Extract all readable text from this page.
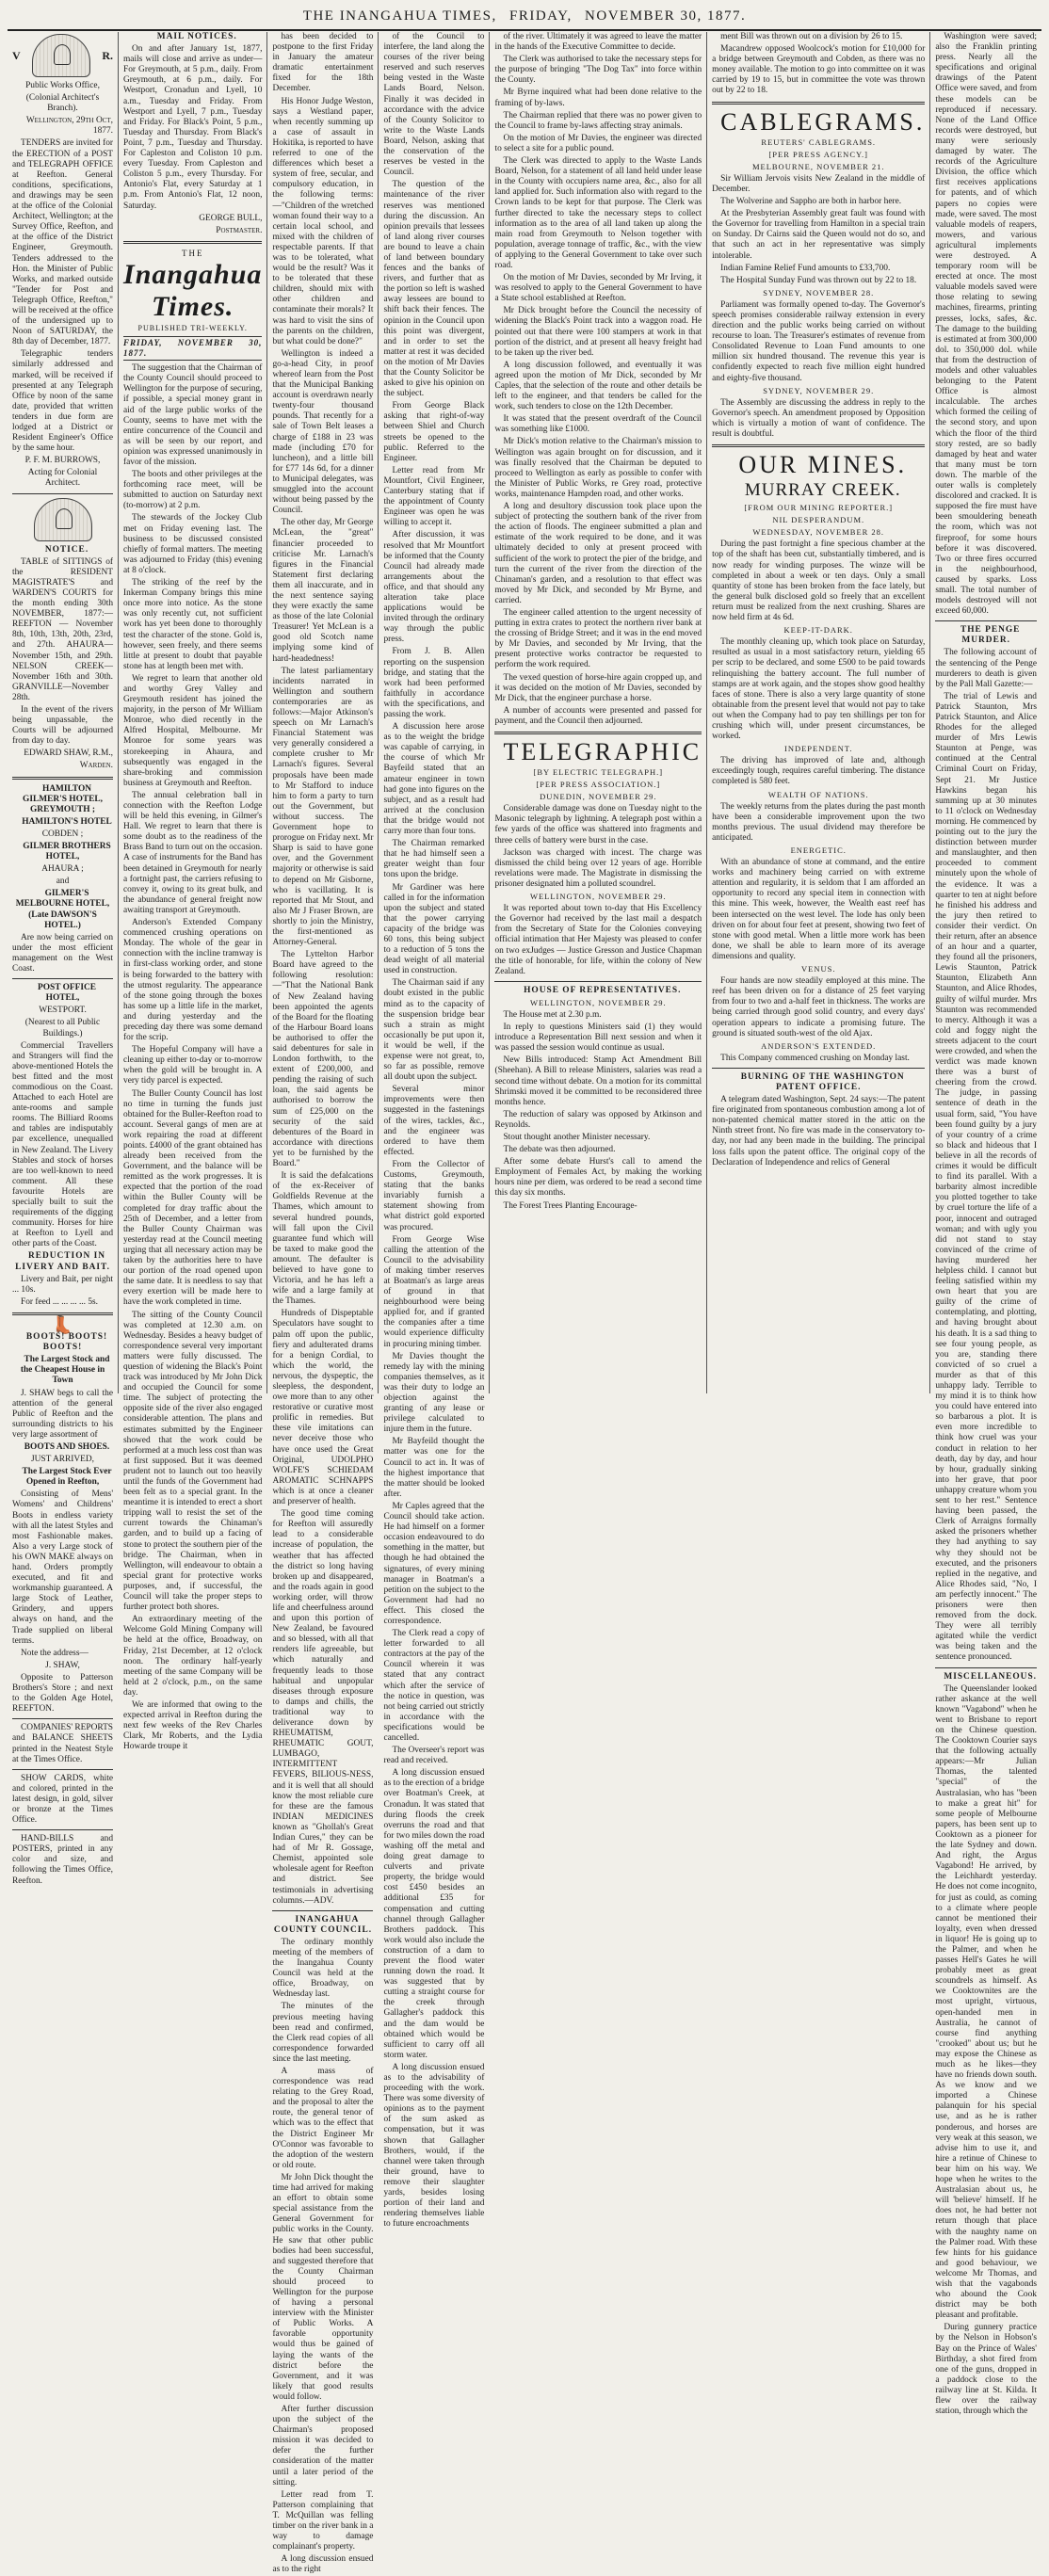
THE INANGAHUA TIMES, FRIDAY, NOVEMBER 30, 1877.
V	R.

Public Works Office,

(Colonial Architect's Branch).

Wellington, 29th Oct, 1877.

TENDERS are invited for the ERECTION of a POST and TELEGRAPH OFFICE at Reefton. General conditions, specifications, and drawings may be seen at the office of the Colonial Architect, Wellington; at the Survey Office, Reefton, and at the office of the District Engineer, Greymouth. Tenders addressed to the Hon. the Minister of Public Works, and marked outside "Tender for Post and Telegraph Office, Reefton," will be received at the office of the undersigned up to Noon of SATURDAY, the 8th day of December, 1877.

Telegraphic tenders similarly addressed and marked, will be received if presented at any Telegraph Office by noon of the same date, provided that written tenders in due form are lodged at a District or Resident Engineer's Office by the same hour.

P. F. M. BURROWS,

Acting for Colonial Architect.

NOTICE.

TABLE of SITTINGS of the RESIDENT MAGISTRATE'S and WARDEN'S COURTS for the month ending 30th NOVEMBER, 1877:— REEFTON — November 8th, 10th, 13th, 20th, 23rd, and 27th. AHAURA—November 15th, and 29th. NELSON CREEK—November 16th and 30th. GRANVILLE—November 28th.

In the event of the rivers being unpassable, the Courts will be adjourned from day to day.

EDWARD SHAW, R.M.,

Warden.

HAMILTON GILMER'S HOTEL, GREYMOUTH ;

HAMILTON'S HOTEL

COBDEN ;

GILMER BROTHERS HOTEL,

AHAURA ;

and

GILMER'S MELBOURNE HOTEL, (Late DAWSON'S HOTEL.)

Are now being carried on under the most efficient management on the West Coast.

POST OFFICE HOTEL,

WESTPORT.

(Nearest to all Public Buildings.)

Commercial Travellers and Strangers will find the above-mentioned Hotels the best fitted and the most commodious on the Coast. Attached to each Hotel are ante-rooms and sample rooms. The Billiard Rooms and tables are indisputably par excellence, unequalled in New Zealand. The Livery Stables and stock of horses are too well-known to need comment. All these favourite Hotels are specially built to suit the requirements of the digging community. Horses for hire at Reefton to Lyell and other parts of the Coast.

REDUCTION IN LIVERY AND BAIT.

Livery and Bait, per night ... 10s.

For feed ... ... ... ... 5s.

👢

BOOTS! BOOTS! BOOTS!

The Largest Stock and the Cheapest House in Town

J. SHAW begs to call the attention of the general Public of Reefton and the surrounding districts to his very large assortment of

BOOTS AND SHOES.

JUST ARRIVED,

The Largest Stock Ever Opened in Reefton,

Consisting of Mens' Womens' and Childrens' Boots in endless variety with all the latest Styles and most Fashionable makes. Also a very Large stock of his OWN MAKE always on hand. Orders promptly executed, and fit and workmanship guaranteed. A large Stock of Leather, Grindery, and uppers always on hand, and the Trade supplied on liberal terms.

Note the address—

J. SHAW,

Opposite to Patterson Brothers's Store ; and next to the Golden Age Hotel, REEFTON.

COMPANIES' REPORTS and BALANCE SHEETS printed in the Neatest Style at the Times Office.

SHOW CARDS, white and colored, printed in the latest design, in gold, silver or bronze at the Times Office.

HAND-BILLS and POSTERS, printed in any color and size, and following the Times Office, Reefton.

MAIL NOTICES.

On and after January 1st, 1877, mails will close and arrive as under— For Greymouth, at 5 p.m., daily. From Greymouth, at 6 p.m., daily. For Westport, Cronadun and Lyell, 10 a.m., Tuesday and Friday. From Westport and Lyell, 7 p.m., Tuesday and Friday. For Black's Point, 5 p.m., Tuesday and Thursday. From Black's Point, 7 p.m., Tuesday and Thursday. For Capleston and Coliston 10 p.m. every Tuesday. From Capleston and Coliston 5 p.m., every Thursday. For Antonio's Flat, every Saturday at 1 p.m. From Antonio's Flat, 12 noon, Saturday.

GEORGE BULL,

Postmaster.

THE
Inangahua Times.
PUBLISHED TRI-WEEKLY.
FRIDAY, NOVEMBER 30, 1877.

The suggestion that the Chairman of the County Council should proceed to Wellington for the purpose of securing, if possible, a special money grant in aid of the large public works of the County, seems to have met with the entire concurrence of the Council and as will be seen by our report, and opinion was expressed unanimously in favor of the mission.

The boots and other privileges at the forthcoming race meet, will be submitted to auction on Saturday next (to-morrow) at 2 p.m.

The stewards of the Jockey Club met on Friday evening last. The business to be discussed consisted chiefly of formal matters. The meeting was adjourned to Friday (this) evening at 8 o'clock.

The striking of the reef by the Inkerman Company brings this mine once more into notice. As the stone was only recently cut, not sufficient work has yet been done to thoroughly test the character of the stone. Gold is, however, seen freely, and there seems little at present to doubt that payable stone has at length been met with.

We regret to learn that another old and worthy Grey Valley and Greymouth resident has joined the majority, in the person of Mr William Monroe, who died recently in the Alfred Hospital, Melbourne. Mr Monroe for some years was storekeeping in Ahaura, and subsequently was engaged in the share-broking and commission business at Greymouth and Reefton.

The annual celebration ball in connection with the Reefton Lodge will be held this evening, in Gilmer's Hall. We regret to learn that there is some doubt as to the readiness of the Brass Band to turn out on the occasion. A case of instruments for the Band has been detained in Greymouth for nearly a fortnight past, the carriers refusing to convey it, owing to its great bulk, and the abundance of general freight now awaiting transport at Greymouth.

Anderson's Extended Company commenced crushing operations on Monday. The whole of the gear in connection with the incline tramway is in first-class working order, and stone is being forwarded to the battery with the utmost regularity. The appearance of the stone going through the boxes has some up a little life in the market, and during yesterday and the preceding day there was some demand for the scrip.

The Hopeful Company will have a cleaning up either to-day or to-morrow when the gold will be brought in. A very tidy parcel is expected.

The Buller County Council has lost no time in turning the funds just obtained for the Buller-Reefton road to account. Several gangs of men are at work repairing the road at different points. £4000 of the grant obtained has already been received from the Government, and the balance will be remitted as the work progresses. It is expected that the portion of the road within the Buller County will be completed for dray traffic about the 25th of December, and a letter from the Buller County Chairman was yesterday read at the Council meeting urging that all necessary action may be taken by the authorities here to have our portion of the road opened upon the same date. It is needless to say that every exertion will be made here to have the work completed in time.

The sitting of the County Council was completed at 12.30 a.m. on Wednesday. Besides a heavy budget of correspondence several very important matters were fully discussed. The question of widening the Black's Point track was introduced by Mr John Dick and occupied the Council for some time. The subject of protecting the opposite side of the river also engaged considerable attention. The plans and estimates submitted by the Engineer showed that the work could be performed at a much less cost than was at first supposed. But it was deemed prudent not to launch out too heavily until the funds of the Government had been felt as to a special grant. In the meantime it is intended to erect a short tripping wall to resist the set of the current towards the Chinaman's garden, and to build up a facing of stone to protect the southern pier of the bridge. The Chairman, when in Wellington, will endeavour to obtain a special grant for protective works purposes, and, if successful, the Council will take the proper steps to further protect both shores.

An extraordinary meeting of the Welcome Gold Mining Company will be held at the office, Broadway, on Friday, 21st December, at 12 o'clock noon. The ordinary half-yearly meeting of the same Company will be held at 2 o'clock, p.m., on the same day.

We are informed that owing to the expected arrival in Reefton during the next few weeks of the Rev Charles Clark, Mr Roberts, and the Lydia Howarde troupe it

has been decided to postpone to the first Friday in January the amateur dramatic entertainment fixed for the 18th December.

His Honor Judge Weston, says a Westland paper, when recently summing up a case of assault in Hokitika, is reported to have referred to one of the differences which beset a system of free, secular, and compulsory education, in the following terms:—"Children of the wretched woman found their way to a certain local school, and mixed with the children of respectable parents. If that was to be tolerated, what would be the result? Was it to be tolerated that these children, should mix with other children and contaminate their morals? It was hard to visit the sins of the parents on the children, but what could be done?"

Wellington is indeed a go-a-head City, in proof whereof learn from the Post that the Municipal Banking account is overdrawn nearly twenty-four thousand pounds. That recently for a sale of Town Belt leases a charge of £188 in 23 was made (including £70 for luncheon), and a little bill for £77 14s 6d, for a dinner to Municipal delegates, was smuggled into the account without being passed by the Council.

The other day, Mr George McLean, the "great" financier proceeded to criticise Mr. Larnach's figures in the Financial Statement first declaring them all inaccurate, and in the next sentence saying they were exactly the same as those of the late Colonial Treasurer! Yet McLean is a good old Scotch name implying some kind of hard-headedness!

The latest parliamentary incidents narrated in Wellington and southern contemporaries are as follows:—Major Atkinson's speech on Mr Larnach's Financial Statement was very generally considered a complete crusher to Mr Larnach's figures. Several proposals have been made to Mr Stafford to induce him to form a party to turn out the Government, but without success. The Government hope to prorogue on Friday next. Mr Sharp is said to have gone over, and the Government majority or otherwise is said to depend on Mr Gisborne, who is vacillating. It is reported that Mr Stout, and also Mr J Fraser Brown, are shortly to join the Ministry, the first-mentioned as Attorney-General.

The Lyttelton Harbor Board have agreed to the following resolution:—"That the National Bank of New Zealand having been appointed the agents of the Board for the floating of the Harbour Board loans be authorised to offer the said debentures for sale in London forthwith, to the extent of £200,000, and pending the raising of such loan, the said agents be authorised to borrow the sum of £25,000 on the security of the said debentures of the Board in accordance with directions yet to be furnished by the Board."

It is said the defalcations of the ex-Receiver of Goldfields Revenue at the Thames, which amount to several hundred pounds, will fall upon the Civil guarantee fund which will be taxed to make good the amount. The defaulter is believed to have gone to Victoria, and he has left a wife and a large family at the Thames.

Hundreds of Dispeptable Speculators have sought to palm off upon the public, fiery and adulterated drams for a benign Cordial, to which the world, the nervous, the dyspeptic, the sleepless, the despondent, owe more than to any other restorative or curative most prolific in remedies. But these vile imitations can never deceive those who have once used the Great Original, UDOLPHO WOLFE'S SCHIEDAM AROMATIC SCHNAPPS which is at once a cleaner and preserver of health.

The good time coming for Reefton will assuredly lead to a considerable increase of population, the weather that has affected the district so long having broken up and disappeared, and the roads again in good working order, will throw life and cheerfulness around and upon this portion of New Zealand, be favoured and so blessed, with all that renders life agreeable, but which naturally and frequently leads to those habitual and unpopular diseases through exposure to damps and chills, the traditional way to deliverance down by RHEUMATISM, RHEUMATIC GOUT, LUMBAGO, INTERMITTENT FEVERS, BILIOUS-NESS, and it is well that all should know the most reliable cure for these are the famous INDIAN MEDICINES known as "Ghollah's Great Indian Cures," they can be had of Mr R. Gossage, Chemist, appointed sole wholesale agent for Reefton and district. See testimonials in advertising columns.—ADV.

INANGAHUA COUNTY COUNCIL.

The ordinary monthly meeting of the members of the Inangahua County Council was held at the office, Broadway, on Wednesday last.

The minutes of the previous meeting having been read and confirmed, the Clerk read copies of all correspondence forwarded since the last meeting.

A mass of correspondence was read relating to the Grey Road, and the proposal to alter the route, the general tenor of which was to the effect that the District Engineer Mr O'Connor was favorable to the adoption of the western or old route.

Mr John Dick thought the time had arrived for making an effort to obtain some special assistance from the General Government for public works in the County. He saw that other public bodies had been successful, and suggested therefore that the County Chairman should proceed to Wellington for the purpose of having a personal interview with the Minister of Public Works. A favorable opportunity would thus be gained of laying the wants of the district before the Government, and it was likely that good results would follow.

After further discussion upon the subject of the Chairman's proposed mission it was decided to defer the further consideration of the matter until a later period of the sitting.

Letter read from T. Patterson complaining that T. McQuillan was felling timber on the river bank in a way to damage complainant's property.

A long discussion ensued as to the right

of the Council to interfere, the land along the courses of the river being reserved and such reserves being vested in the Waste Lands Board, Nelson. Finally it was decided in accordance with the advice of the County Solicitor to write to the Waste Lands Board, Nelson, asking that the conservation of the reserves be vested in the Council.

The question of the maintenance of the river reserves was mentioned during the discussion. An opinion prevails that lessees of land along river courses are bound to leave a chain of land between boundary fences and the banks of rivers, and further that as the portion so left is washed away lessees are bound to shift back their fences. The opinion in the Council upon this point was divergent, and in order to set the matter at rest it was decided on the motion of Mr Davies that the County Solicitor be asked to give his opinion on the subject.

From George Black asking that right-of-way between Shiel and Church streets be opened to the public. Referred to the Engineer.

Letter read from Mr Mountfort, Civil Engineer, Canterbury stating that if the appointment of County Engineer was open he was willing to accept it.

After discussion, it was resolved that Mr Mountfort be informed that the County Council had already made arrangements about the office, and that should any alteration take place applications would be invited through the ordinary way through the public press.

From J. B. Allen reporting on the suspension bridge, and stating that the work had been performed faithfully in accordance with the specifications, and passing the work.

A discussion here arose as to the weight the bridge was capable of carrying, in the course of which Mr Bayfeild stated that an amateur engineer in town had gone into figures on the subject, and as a result had arrived at the conclusion that the bridge would not carry more than four tons.

The Chairman remarked that he had himself seen a greater weight than four tons upon the bridge.

Mr Gardiner was here called in for the information upon the subject and stated that the power carrying capacity of the bridge was 60 tons, this being subject to a reduction of 5 tons the dead weight of all material used in construction.

The Chairman said if any doubt existed in the public mind as to the capacity of the suspension bridge bear such a strain as might occasionally be put upon it, it would be well, if the expense were not great, to, so far as possible, remove all doubt upon the subject.

Several minor improvements were then suggested in the fastenings of the wires, tackles, &c., and the engineer was ordered to have them effected.

From the Collector of Customs, Greymouth, stating that the banks invariably furnish a statement showing from what district gold exported was procured.

From George Wise calling the attention of the Council to the advisability of making timber reserves at Boatman's as large areas of ground in that neighbourhood were being applied for, and if granted the companies after a time would experience difficulty in procuring mining timber.

Mr Davies thought the remedy lay with the mining companies themselves, as it was their duty to lodge an objection against the granting of any lease or privilege calculated to injure them in the future.

Mr Bayfeild thought the matter was one for the Council to act in. It was of the highest importance that the matter should be looked after.

Mr Caples agreed that the Council should take action. He had himself on a former occasion endeavoured to do something in the matter, but though he had obtained the signatures, of every mining manager in Boatman's a petition on the subject to the Government had had no effect. This closed the correspondence.

The Clerk read a copy of letter forwarded to all contractors at the pay of the Council wherein it was stated that any contract which after the service of the notice in question, was not being carried out strictly in accordance with the specifications would be cancelled.

The Overseer's report was read and received.

A long discussion ensued as to the erection of a bridge over Boatman's Creek, at Cronadun. It was stated that during floods the creek overruns the road and that for two miles down the road washing off the metal and doing great damage to culverts and private property, the bridge would cost £450 besides an additional £35 for compensation and cutting channel through Gallagher Brothers paddock. This work would also include the construction of a dam to prevent the flood water running down the road. It was suggested that by cutting a straight course for the creek through Gallagher's paddock this and the dam would be obtained which would be sufficient to carry off all storm water.

A long discussion ensued as to the advisability of proceeding with the work. There was some diversity of opinions as to the payment of the sum asked as compensation, but it was shown that Gallagher Brothers, would, if the channel were taken through their ground, have to remove their slaughter yards, besides losing portion of their land and rendering themselves liable to future encroachments

of the river. Ultimately it was agreed to leave the matter in the hands of the Executive Committee to decide.

The Clerk was authorised to take the necessary steps for the purpose of bringing "The Dog Tax" into force within the County.

Mr Byrne inquired what had been done relative to the framing of by-laws.

The Chairman replied that there was no power given to the Council to frame by-laws affecting stray animals.

On the motion of Mr Davies, the engineer was directed to select a site for a public pound.

The Clerk was directed to apply to the Waste Lands Board, Nelson, for a statement of all land held under lease in the County with occupiers name area, &c., also for all land applied for. Such information also with regard to the Crown lands to be kept for that purpose. The Clerk was further directed to take the necessary steps to collect information as to the area of all land taken up along the main road from Greymouth to Nelson together with population, average tonnage of traffic, &c., with the view of applying to the General Government to take over such road.

On the motion of Mr Davies, seconded by Mr Irving, it was resolved to apply to the General Government to have a State school established at Reefton.

Mr Dick brought before the Council the necessity of widening the Black's Point track into a waggon road. He pointed out that there were 100 stampers at work in that portion of the district, and at present all heavy freight had to be taken up the river bed.

A long discussion followed, and eventually it was agreed upon the motion of Mr Dick, seconded by Mr Caples, that the selection of the route and other details be left to the engineer, and that tenders be called for the work, such tenders to close on the 12th December.

It was stated that the present overdraft of the Council was something like £1000.

Mr Dick's motion relative to the Chairman's mission to Wellington was again brought on for discussion, and it was finally resolved that the Chairman be deputed to proceed to Wellington as early as possible to confer with the Minister of Public Works, re Grey road, protective works, maintenance Hampden road, and other works.

A long and desultory discussion took place upon the subject of protecting the southern bank of the river from the action of floods. The engineer submitted a plan and estimate of the work required to be done, and it was ultimately decided to only at present proceed with sufficient of the work to protect the pier of the bridge, and turn the current of the river from the direction of the Chinaman's garden, and a resolution to that effect was moved by Mr Dick, and seconded by Mr Byrne, and carried.

The engineer called attention to the urgent necessity of putting in extra crates to protect the northern river bank at the crossing of Bridge Street; and it was in the end moved by Mr Davies, and seconded by Mr Irving, that the present protective works contractor be requested to perform the work required.

The vexed question of horse-hire again cropped up, and it was decided on the motion of Mr Davies, seconded by Mr Dick, that the engineer purchase a horse.

A number of accounts were presented and passed for payment, and the Council then adjourned.

TELEGRAPHIC

[BY ELECTRIC TELEGRAPH.]

[PER PRESS ASSOCIATION.]

DUNEDIN, NOVEMBER 29.

Considerable damage was done on Tuesday night to the Masonic telegraph by lightning. A telegraph post within a few yards of the office was shattered into fragments and three cells of battery were burst in the case.

Jackson was charged with incest. The charge was dismissed the child being over 12 years of age. Horrible revelations were made. The Magistrate in dismissing the prisoner designated him a polluted scoundrel.

WELLINGTON, NOVEMBER 29.

It was reported about town to-day that His Excellency the Governor had received by the last mail a despatch from the Secretary of State for the Colonies conveying official intimation that Her Majesty was pleased to confer on two exJudges — Justice Gresson and Justice Chapman the title of honorable, for life, within the colony of New Zealand.

HOUSE OF REPRESENTATIVES.

WELLINGTON, NOVEMBER 29.

The House met at 2.30 p.m.

In reply to questions Ministers said (1) they would introduce a Representation Bill next session and when it was passed the session would continue as usual.

New Bills introduced: Stamp Act Amendment Bill (Sheehan). A Bill to release Ministers, salaries was read a second time without debate. On a motion for its committal Shrimski moved it be committed to be reconsidered three months hence.

The reduction of salary was opposed by Atkinson and Reynolds.

Stout thought another Minister necessary.

The debate was then adjourned.

After some debate Hurst's call to amend the Employment of Females Act, by making the working hours nine per diem, was ordered to be read a second time this day six months.

The Forest Trees Planting Encourage-

ment Bill was thrown out on a division by 26 to 15.

Macandrew opposed Woolcock's motion for £10,000 for a bridge between Greymouth and Cobden, as there was no money available. The motion to go into committee on it was carried by 19 to 15, but in committee the vote was thrown out by 22 to 18.

CABLEGRAMS.

REUTERS' CABLEGRAMS.

[PER PRESS AGENCY.]

MELBOURNE, NOVEMBER 21.

Sir William Jervois visits New Zealand in the middle of December.

The Wolverine and Sappho are both in harbor here.

At the Presbyterian Assembly great fault was found with the Governor for travelling from Hamilton in a special train on Sunday. Dr Cairns said the Queen would not do so, and that such an act in her representative was simply intolerable.

Indian Famine Relief Fund amounts to £33,700.

The Hospital Sunday Fund was thrown out by 22 to 18.

SYDNEY, NOVEMBER 28.

Parliament was formally opened to-day. The Governor's speech promises considerable railway extension in every direction and the public works being carried on without recourse to loan. The Treasurer's estimates of revenue from Consolidated Revenue to Loan Fund amounts to one million six hundred thousand. The revenue this year is confidently expected to reach five million eight hundred and eighty-five thousand.

SYDNEY, NOVEMBER 29.

The Assembly are discussing the address in reply to the Governor's speech. An amendment proposed by Opposition which is virtually a motion of want of confidence. The result is doubtful.

OUR MINES.

MURRAY CREEK.

[FROM OUR MINING REPORTER.]

NIL DESPERANDUM.

WEDNESDAY, NOVEMBER 28.

During the past fortnight a fine specious chamber at the top of the shaft has been cut, substantially timbered, and is now ready for winding purposes. The winze will be completed in about a week or ten days. Only a small quantity of stone has been broken from the face lately, but the general bulk disclosed gold so freely that an excellent return must be realized from the next crushing. Shares are now held firm at 4s 6d.

KEEP-IT-DARK.

The monthly cleaning up, which took place on Saturday, resulted as usual in a most satisfactory return, yielding 65 per scrip to be declared, and some £500 to be paid towards relinquishing the battery account. The full number of stamps are at work again, and the stopes show good healthy faces of stone. There is also a very large quantity of stone obtainable from the present level that would not pay to take out when the Company had to pay ten shillings per ton for crushing which will, under present circumstances, be worked.

INDEPENDENT.

The driving has improved of late and, although exceedingly tough, requires careful timbering. The distance completed is 580 feet.

WEALTH OF NATIONS.

The weekly returns from the plates during the past month have been a considerable improvement upon the two months previous. The usual dividend may therefore be anticipated.

ENERGETIC.

With an abundance of stone at command, and the entire works and machinery being carried on with extreme attention and regularity, it is seldom that I am afforded an opportunity to record any special item in connection with this mine. This week, however, the Wealth east reef has been intersected on the west level. The lode has only been driven on for about four feet at present, showing two feet of stone with good metal. When a little more work has been done, we shall be able to learn more of its average dimensions and quality.

VENUS.

Four hands are now steadily employed at this mine. The reef has been driven on for a distance of 25 feet varying from four to two and a-half feet in thickness. The works are being carried through good solid country, and every days' operation appears to indicate a promising future. The ground is situated south-west of the old Ajax.

ANDERSON'S EXTENDED.

This Company commenced crushing on Monday last.

BURNING OF THE WASHINGTON PATENT OFFICE.

A telegram dated Washington, Sept. 24 says:—The patent fire originated from spontaneous combustion among a lot of non-patented chemical matter stored in the attic on the Ninth street front. No fire was made in the conservatory to-day, nor had any been made in the building. The principal loss falls upon the patent office. The original copy of the Declaration of Independence and relics of General

Washington were saved; also the Franklin printing press. Nearly all the specifications and original drawings of the Patent Office were saved, and from these models can be reproduced if necessary. None of the Land Office records were destroyed, but many were seriously damaged by water. The records of the Agriculture Division, the office which first receives applications for patents, and of which papers no copies were made, were saved. The most valuable models of reapers, mowers, and various agricultural implements were destroyed. A temporary room will be erected at once. The most valuable models saved were those relating to sewing machines, firearms, printing presses, locks, safes, &c. The damage to the building is estimated at from 300,000 dol. to 350,000 dol. while that from the destruction of models and other valuables belonging to the Patent Office is almost incalculable. The arches which formed the ceiling of the second story, and upon which the floor of the third story rested, are so badly damaged by heat and water that many must be torn down. The marble of the outer walls is completely discolored and cracked. It is supposed the fire must have been smouldering beneath the room, which was not fireproof, for some hours before it was discovered. Two or three fires occurred in the neighbourhood, caused by sparks. Loss small. The total number of models destroyed will not exceed 60,000.

THE PENGE MURDER.

The following account of the sentencing of the Penge murderers to death is given by the Pall Mall Gazette:—

The trial of Lewis and Patrick Staunton, Mrs Patrick Staunton, and Alice Rhodes for the alleged murder of Mrs Lewis Staunton at Penge, was continued at the Central Criminal Court on Friday, Sept 21. Mr Justice Hawkins began his summing up at 30 minutes to 11 o'clock on Wednesday morning. He commenced by pointing out to the jury the distinction between murder and manslaughter, and then proceeded to comment minutely upon the whole of the evidence. It was a quarter to ten at night before he finished his address and the jury then retired to consider their verdict. On their return, after an absence of an hour and a quarter, they found all the prisoners, Lewis Staunton, Patrick Staunton, Elizabeth Ann Staunton, and Alice Rhodes, guilty of wilful murder. Mrs Staunton was recommended to mercy. Although it was a cold and foggy night the streets adjacent to the court were crowded, and when the verdict was made known there was a burst of cheering from the crowd. The judge, in passing sentence of death in the usual form, said, "You have been found guilty by a jury of your country of a crime so black and hideous that I believe in all the records of crimes it would be difficult to find its parallel. With a barbarity almost incredible you plotted together to take by cruel torture the life of a poor, innocent and outraged woman; and with ugly you did not stand to stay convinced of the crime of having murdered her helpless child. I cannot but feeling satisfied within my own heart that you are guilty of the crime of contemplating, and plotting, and having brought about his death. It is a sad thing to see four young people, as you are, standing there convicted of so cruel a murder as that of this unhappy lady. Terrible to my mind it is to think how you could have entered into so barbarous a plot. It is even more incredible to think how cruel was your conduct in relation to her death, day by day, and hour by hour, gradually sinking into her grave, that poor unhappy creature whom you sent to her rest." Sentence having been passed, the Clerk of Arraigns formally asked the prisoners whether they had anything to say why they should not be executed, and the prisoners replied in the negative, and Alice Rhodes said, "No, I am perfectly innocent." The prisoners were then removed from the dock. They were all terribly agitated while the verdict was being taken and the sentence pronounced.

MISCELLANEOUS.

The Queenslander looked rather askance at the well known "Vagabond" when he went to Brisbane to report on the Chinese question. The Cooktown Courier says that the following actually appears:—Mr Julian Thomas, the talented "special" of the Australasian, who has "been to make a great hit" for some people of Melbourne papers, has been sent up to Cooktown as a pioneer for the late Sydney and down. And right, the Argus Vagabond! He arrived, by the Leichhardt yesterday. He does not come incognito, for just as could, as coming to a climate where people cannot be mentioned their loyalty, even when dressed in liquor! He is going up to the Palmer, and when he passes Hell's Gates he will probably meet as great scoundrels as himself. As we Cooktownites are the most upright, virtuous, open-handed men in Australia, he cannot of course find anything "crooked" about us; but he may expose the Chinese as much as he likes—they have no friends down south. As we know and we imported a Chinese palanquin for his special use, and as he is rather ponderous, and horses are very weak at this season, we advise him to use it, and hire a retinue of Chinese to bear him on his way. We hope when he writes to the Australasian about us, he will 'believe' himself. If he does not, he had better not return though that place with the naughty name on the Palmer road. With these few hints for his guidance and good behaviour, we welcome Mr Thomas, and wish that the vagabonds who abound the Cook district may be both pleasant and profitable.

During gunnery practice by the Nelson in Hobson's Bay on the Prince of Wales' Birthday, a shot fired from one of the guns, dropped in a paddock close to the railway line at St. Kilda. It flew over the railway station, through which the
